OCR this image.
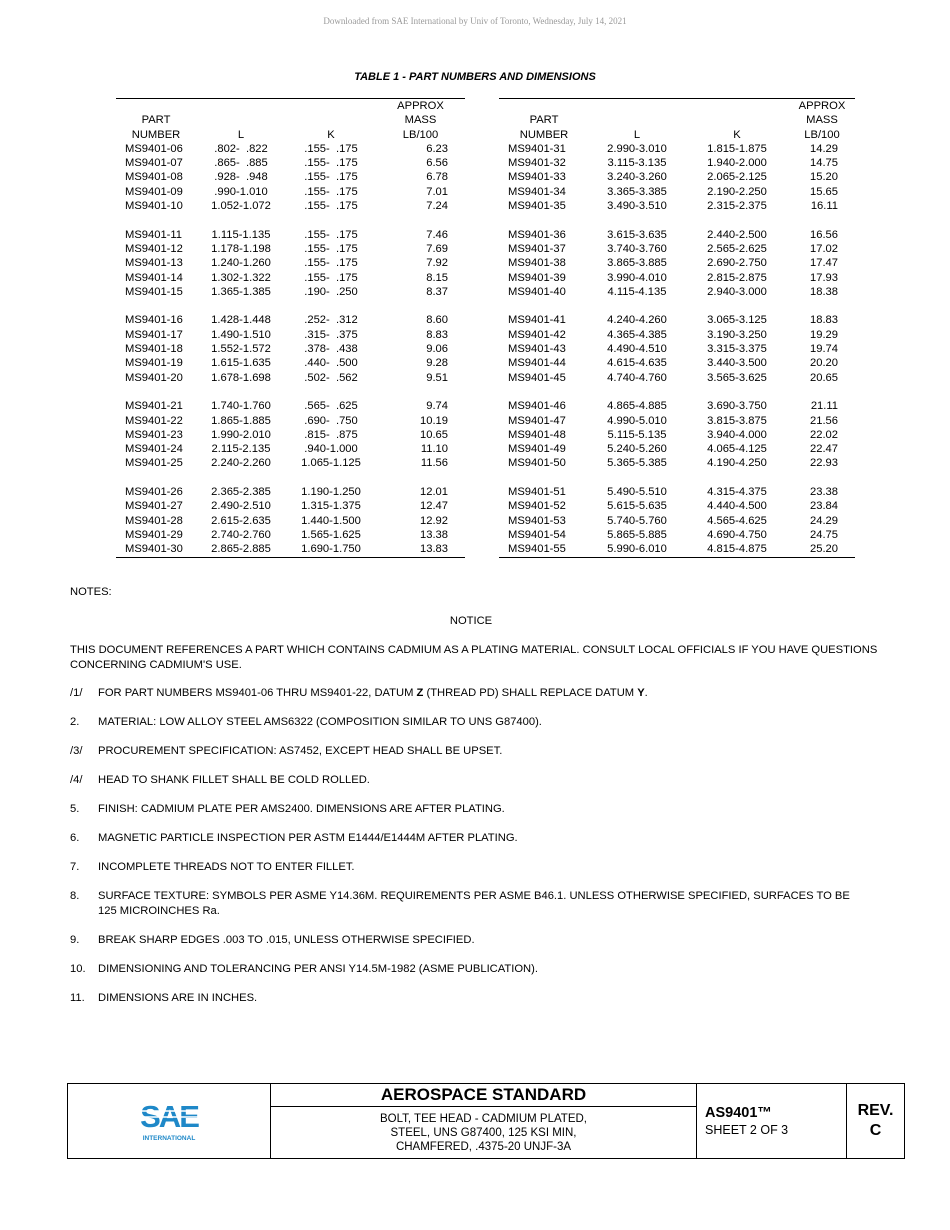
Downloaded from SAE International by Univ of Toronto, Wednesday, July 14, 2021
TABLE 1 - PART NUMBERS AND DIMENSIONS
			APPROX
PART			MASS
NUMBER	L	K	LB/100
MS9401-06	.802-  .822	.155-  .175	6.23
MS9401-07	.865-  .885	.155-  .175	6.56
MS9401-08	.928-  .948	.155-  .175	6.78
MS9401-09	.990-1.010	.155-  .175	7.01
MS9401-10	1.052-1.072	.155-  .175	7.24
MS9401-11	1.115-1.135	.155-  .175	7.46
MS9401-12	1.178-1.198	.155-  .175	7.69
MS9401-13	1.240-1.260	.155-  .175	7.92
MS9401-14	1.302-1.322	.155-  .175	8.15
MS9401-15	1.365-1.385	.190-  .250	8.37
MS9401-16	1.428-1.448	.252-  .312	8.60
MS9401-17	1.490-1.510	.315-  .375	8.83
MS9401-18	1.552-1.572	.378-  .438	9.06
MS9401-19	1.615-1.635	.440-  .500	9.28
MS9401-20	1.678-1.698	.502-  .562	9.51
MS9401-21	1.740-1.760	.565-  .625	9.74
MS9401-22	1.865-1.885	.690-  .750	10.19
MS9401-23	1.990-2.010	.815-  .875	10.65
MS9401-24	2.115-2.135	.940-1.000	11.10
MS9401-25	2.240-2.260	1.065-1.125	11.56
MS9401-26	2.365-2.385	1.190-1.250	12.01
MS9401-27	2.490-2.510	1.315-1.375	12.47
MS9401-28	2.615-2.635	1.440-1.500	12.92
MS9401-29	2.740-2.760	1.565-1.625	13.38
MS9401-30	2.865-2.885	1.690-1.750	13.83
			APPROX
PART			MASS
NUMBER	L	K	LB/100
MS9401-31	2.990-3.010	1.815-1.875	14.29
MS9401-32	3.115-3.135	1.940-2.000	14.75
MS9401-33	3.240-3.260	2.065-2.125	15.20
MS9401-34	3.365-3.385	2.190-2.250	15.65
MS9401-35	3.490-3.510	2.315-2.375	16.11
MS9401-36	3.615-3.635	2.440-2.500	16.56
MS9401-37	3.740-3.760	2.565-2.625	17.02
MS9401-38	3.865-3.885	2.690-2.750	17.47
MS9401-39	3.990-4.010	2.815-2.875	17.93
MS9401-40	4.115-4.135	2.940-3.000	18.38
MS9401-41	4.240-4.260	3.065-3.125	18.83
MS9401-42	4.365-4.385	3.190-3.250	19.29
MS9401-43	4.490-4.510	3.315-3.375	19.74
MS9401-44	4.615-4.635	3.440-3.500	20.20
MS9401-45	4.740-4.760	3.565-3.625	20.65
MS9401-46	4.865-4.885	3.690-3.750	21.11
MS9401-47	4.990-5.010	3.815-3.875	21.56
MS9401-48	5.115-5.135	3.940-4.000	22.02
MS9401-49	5.240-5.260	4.065-4.125	22.47
MS9401-50	5.365-5.385	4.190-4.250	22.93
MS9401-51	5.490-5.510	4.315-4.375	23.38
MS9401-52	5.615-5.635	4.440-4.500	23.84
MS9401-53	5.740-5.760	4.565-4.625	24.29
MS9401-54	5.865-5.885	4.690-4.750	24.75
MS9401-55	5.990-6.010	4.815-4.875	25.20
NOTES:
NOTICE
THIS DOCUMENT REFERENCES A PART WHICH CONTAINS CADMIUM AS A PLATING MATERIAL. CONSULT LOCAL OFFICIALS IF YOU HAVE QUESTIONS CONCERNING CADMIUM'S USE.
/1/	FOR PART NUMBERS MS9401-06 THRU MS9401-22, DATUM Z (THREAD PD) SHALL REPLACE DATUM Y.
2.	MATERIAL: LOW ALLOY STEEL AMS6322 (COMPOSITION SIMILAR TO UNS G87400).
/3/	PROCUREMENT SPECIFICATION: AS7452, EXCEPT HEAD SHALL BE UPSET.
/4/	HEAD TO SHANK FILLET SHALL BE COLD ROLLED.
5.	FINISH: CADMIUM PLATE PER AMS2400. DIMENSIONS ARE AFTER PLATING.
6.	MAGNETIC PARTICLE INSPECTION PER ASTM E1444/E1444M AFTER PLATING.
7.	INCOMPLETE THREADS NOT TO ENTER FILLET.
8.	SURFACE TEXTURE: SYMBOLS PER ASME Y14.36M. REQUIREMENTS PER ASME B46.1. UNLESS OTHERWISE SPECIFIED, SURFACES TO BE 125 MICROINCHES Ra.
9.	BREAK SHARP EDGES .003 TO .015, UNLESS OTHERWISE SPECIFIED.
10.	DIMENSIONING AND TOLERANCING PER ANSI Y14.5M-1982 (ASME PUBLICATION).
11.	DIMENSIONS ARE IN INCHES.
SAE
INTERNATIONAL
AEROSPACE STANDARD
BOLT, TEE HEAD - CADMIUM PLATED,
STEEL, UNS G87400, 125 KSI MIN,
CHAMFERED, .4375-20 UNJF-3A
AS9401™
SHEET 2 OF 3
REV.
C
